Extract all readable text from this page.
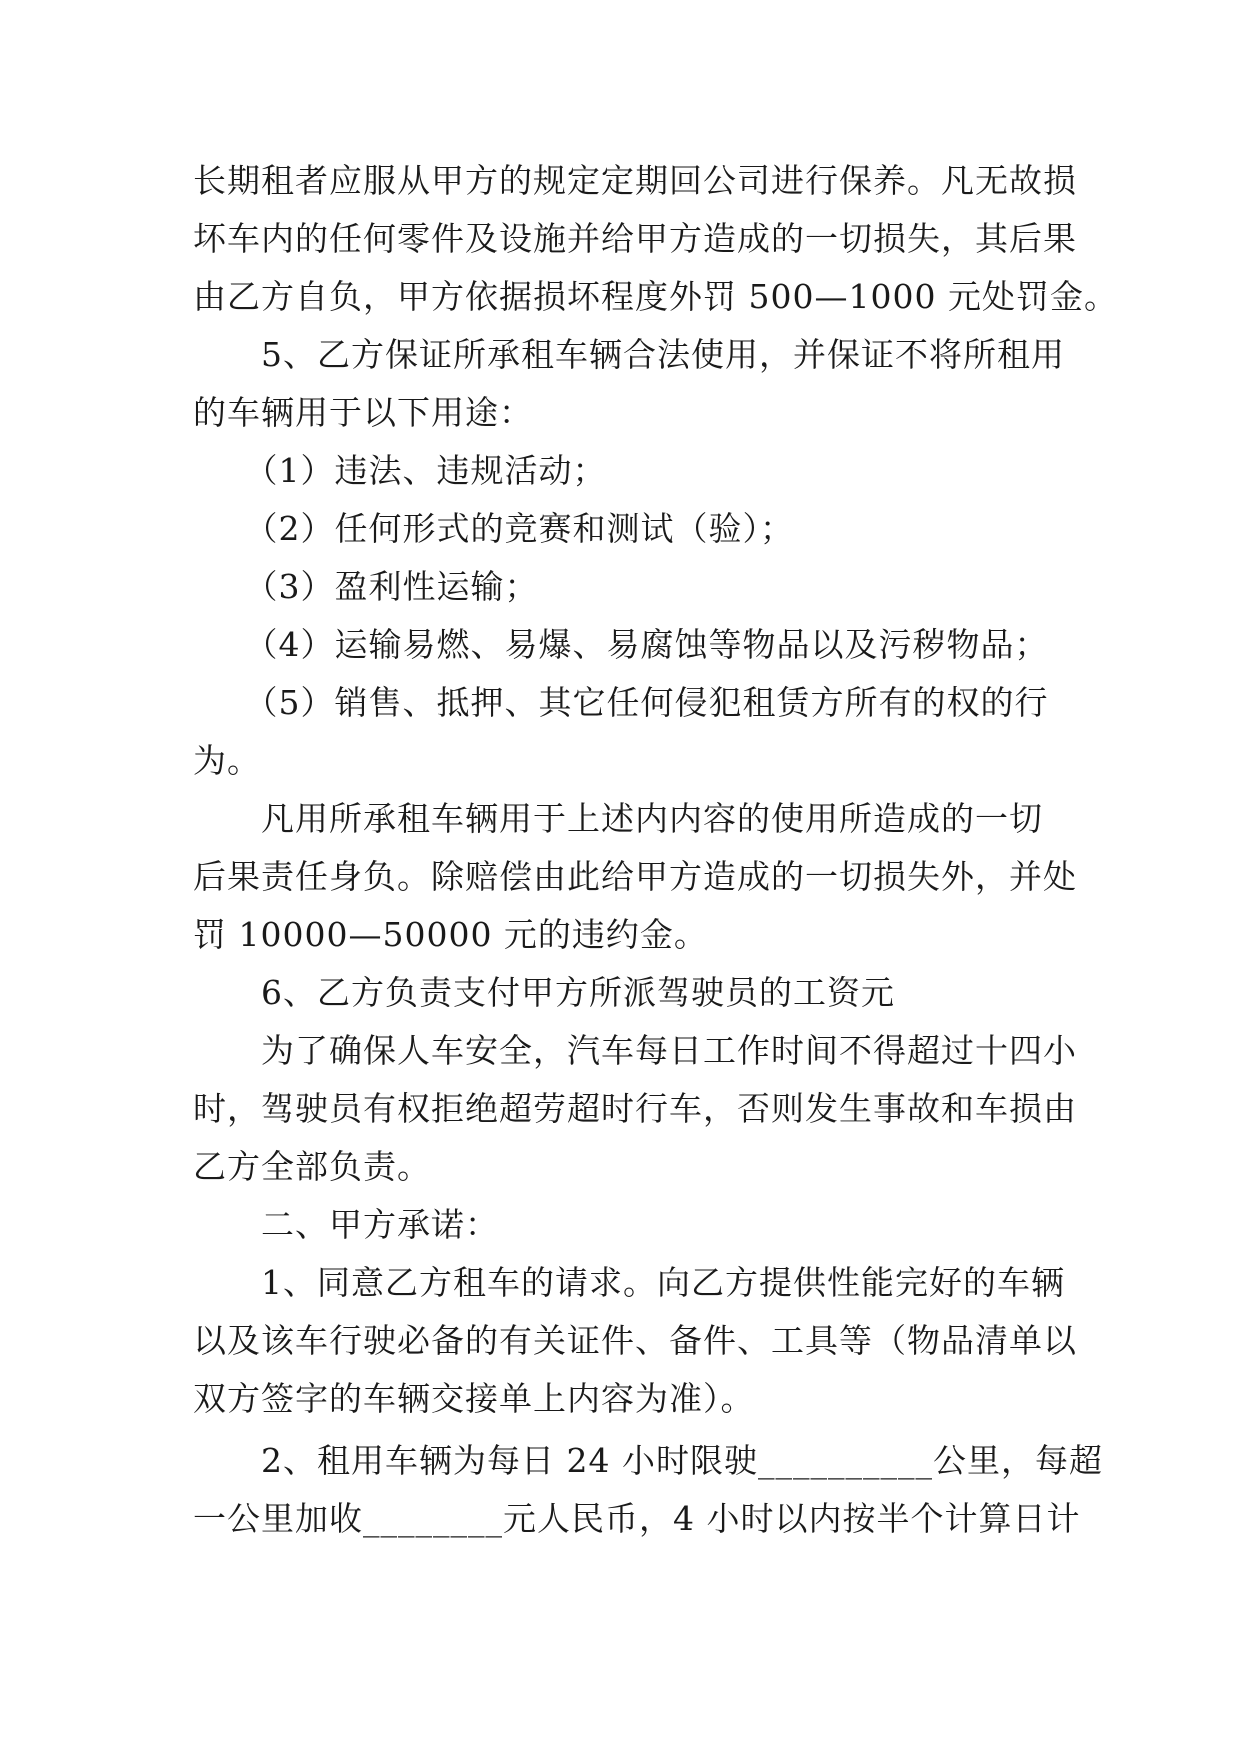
长期租者应服从甲方的规定定期回公司进行保养。凡无故损
坏车内的任何零件及设施并给甲方造成的一切损失，其后果
由乙方自负，甲方依据损坏程度外罚 500—1000 元处罚金。
　　5、乙方保证所承租车辆合法使用，并保证不将所租用
的车辆用于以下用途：
　　（1）违法、违规活动；
　　（2）任何形式的竞赛和测试（验）；
　　（3）盈利性运输；
　　（4）运输易燃、易爆、易腐蚀等物品以及污秽物品；
　　（5）销售、抵押、其它任何侵犯租赁方所有的权的行
为。
　　凡用所承租车辆用于上述内内容的使用所造成的一切
后果责任身负。除赔偿由此给甲方造成的一切损失外，并处
罚 10000—50000 元的违约金。
　　6、乙方负责支付甲方所派驾驶员的工资元
　　为了确保人车安全，汽车每日工作时间不得超过十四小
时，驾驶员有权拒绝超劳超时行车，否则发生事故和车损由
乙方全部负责。
　　二、甲方承诺：
　　1、同意乙方租车的请求。向乙方提供性能完好的车辆
以及该车行驶必备的有关证件、备件、工具等（物品清单以
双方签字的车辆交接单上内容为准）。
　　2、租用车辆为每日 24 小时限驶__________公里，每超
一公里加收________元人民币，4 小时以内按半个计算日计
